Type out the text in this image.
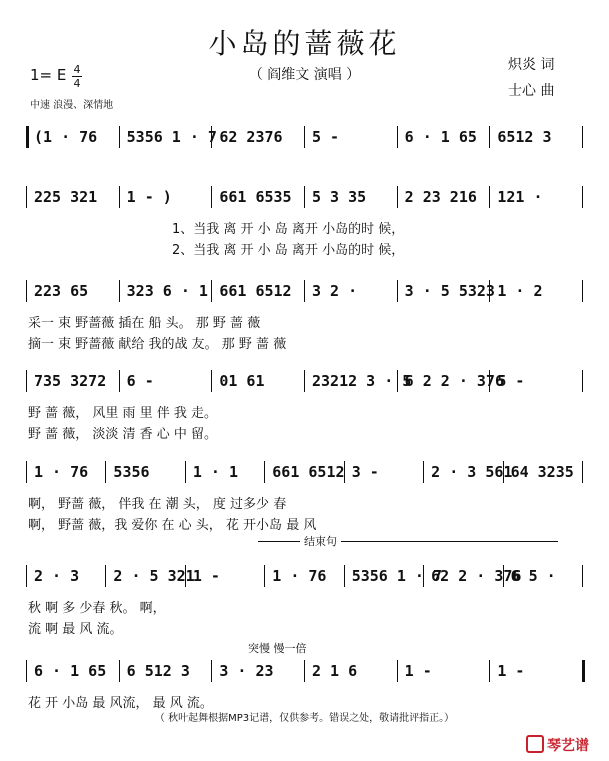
小岛的蔷薇花
（ 阎维文 演唱 ）
炽炎 词
士心 曲
1= E 4
4
中速 浪漫、深情地
(1 · 76 5356 1 · 7 62 2376 5 -	6 · 1 65 6512 3
225 321 1 - )	661 6535 5 3 35	2 23 216 121 ·
1、当我 离 开 小 岛 离开 小岛的时 候，
2、当我 离 开 小 岛 离开 小岛的时 候，
223 65	323 6 · 1 661 6512 3 2 ·	3 · 5 5323 1 · 2
采一 束 野蔷薇 插在 船 头。 那 野 蔷 薇
摘一 束 野蔷薇 献给 我的战 友。 那 野 蔷 薇
735 3272 6 -	01 61	23212 3 · 5
6 2 2 · 376
5 -
野 蔷 薇， 风里 雨 里 伴 我 走。
野 蔷 薇， 淡淡 清 香 心 中 留。
1 · 76 5356	1 · 1 661 6512 3 -	2 · 3 561
64 3235
啊， 野蔷 薇， 伴我 在 潮 头， 度 过多少 春
啊， 野蔷 薇，我 爱你 在 心 头， 花 开小岛 最 风
2 · 3 2 · 5 321
1 -	1 · 76 5356 1 · 7
62 2 · 376
6 5 ·
秋 啊 多 少春 秋。 啊，
流 啊 最 风 流。
6 · 1 65 6 512 3 3 · 23	2 1 6	1 -	1 -
花 开 小岛 最 风流， 最 风 流。
结束句
突慢 慢一倍
（ 秋叶起舞根据MP3记谱，仅供参考。错误之处，敬请批评指正。）
琴艺谱
